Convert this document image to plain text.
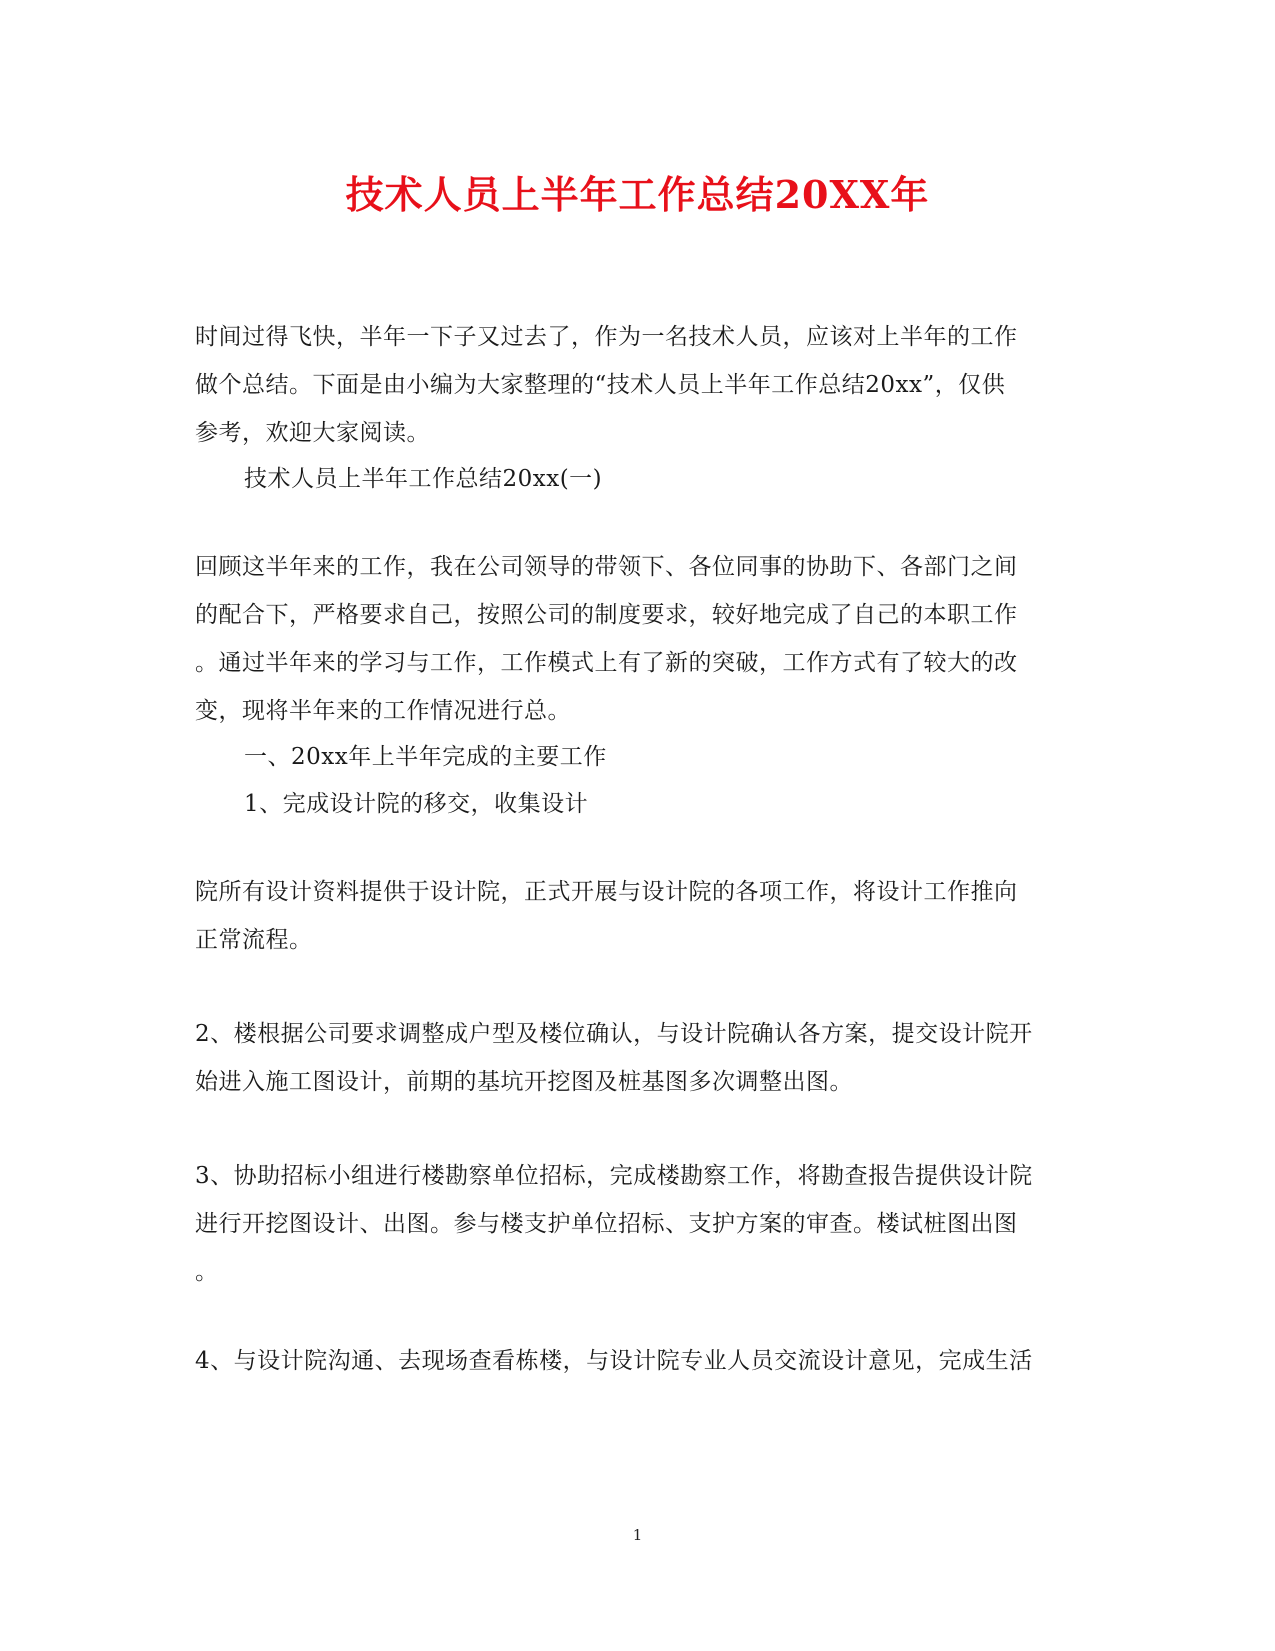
技术人员上半年工作总结20XX年
时间过得飞快，半年一下子又过去了，作为一名技术人员，应该对上半年的工作
做个总结。下面是由小编为大家整理的“技术人员上半年工作总结20xx”，仅供
参考，欢迎大家阅读。
技术人员上半年工作总结20xx(一)
回顾这半年来的工作，我在公司领导的带领下、各位同事的协助下、各部门之间
的配合下，严格要求自己，按照公司的制度要求，较好地完成了自己的本职工作
。通过半年来的学习与工作，工作模式上有了新的突破，工作方式有了较大的改
变，现将半年来的工作情况进行总。
一、20xx年上半年完成的主要工作
1、完成设计院的移交，收集设计
院所有设计资料提供于设计院，正式开展与设计院的各项工作，将设计工作推向
正常流程。
2、楼根据公司要求调整成户型及楼位确认，与设计院确认各方案，提交设计院开
始进入施工图设计，前期的基坑开挖图及桩基图多次调整出图。
3、协助招标小组进行楼勘察单位招标，完成楼勘察工作，将勘查报告提供设计院
进行开挖图设计、出图。参与楼支护单位招标、支护方案的审查。楼试桩图出图
。
4、与设计院沟通、去现场查看栋楼，与设计院专业人员交流设计意见，完成生活
1
